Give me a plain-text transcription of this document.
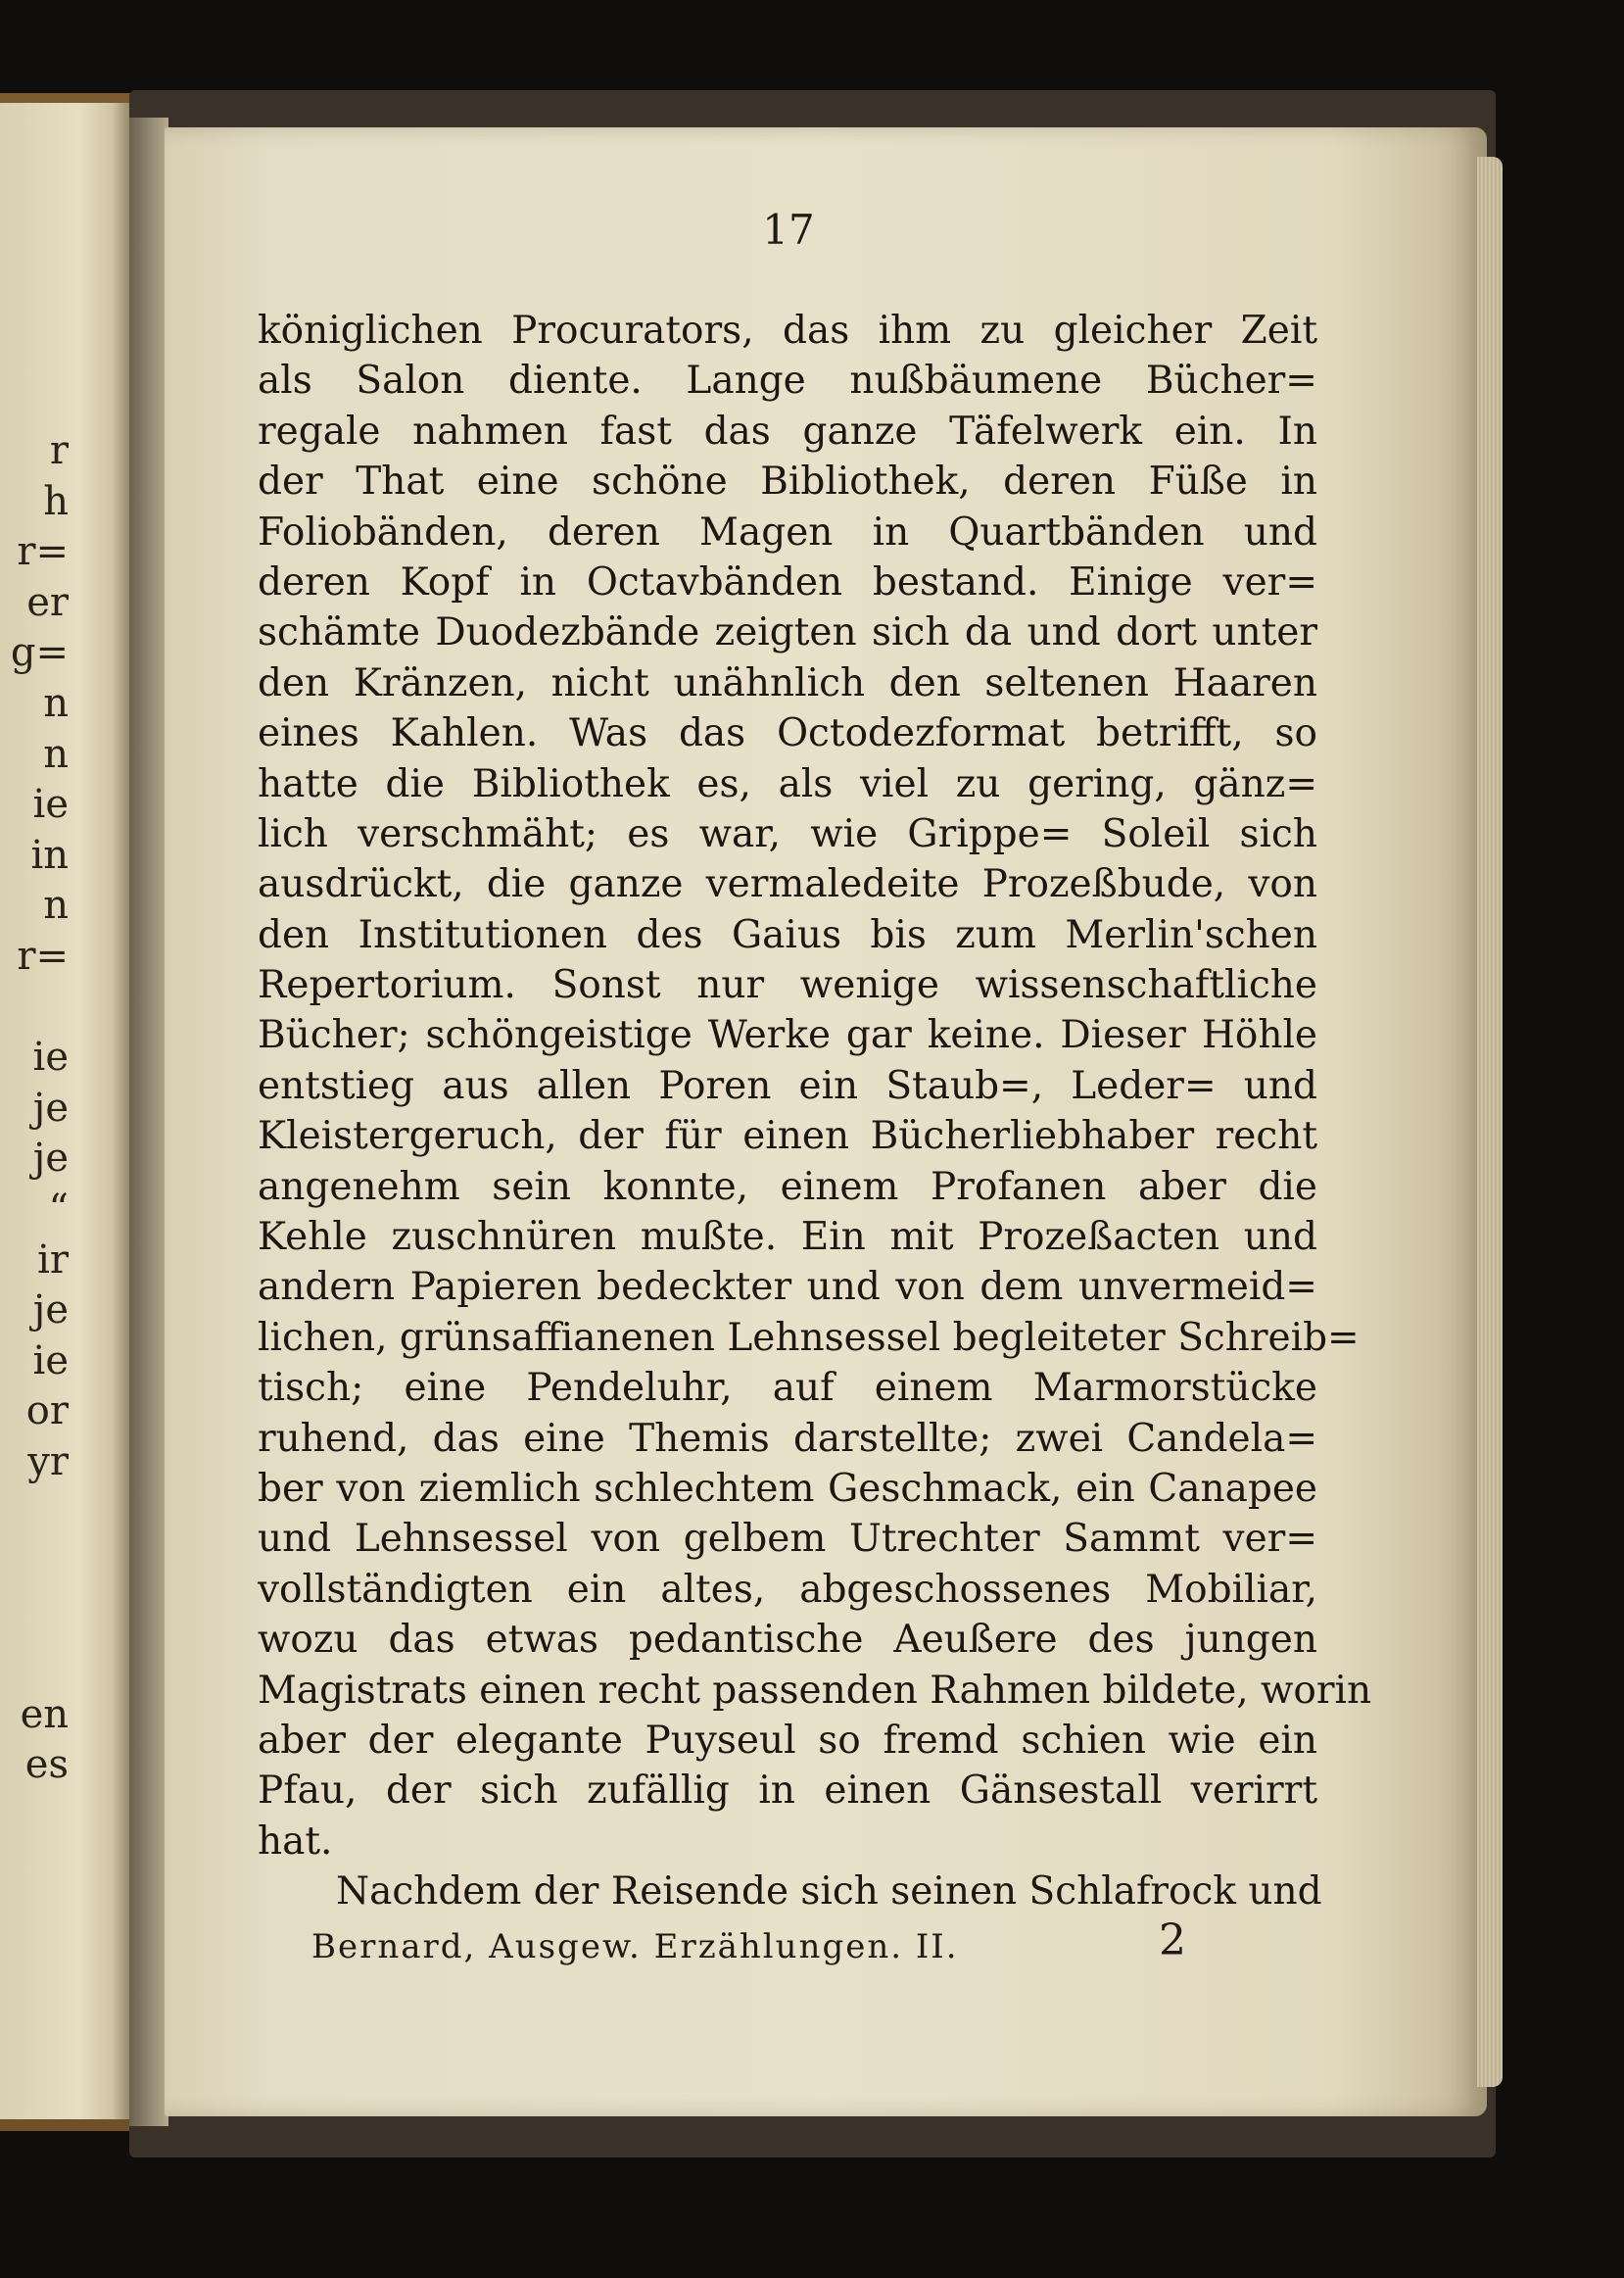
r
h
r=
er
g=
n
n
ie
in
n
r=
ie
je
je
“
ir
je
ie
or
yr
en
es
17
königlichen Procurators, das ihm zu gleicher Zeit
als Salon diente. Lange nußbäumene Bücher=
regale nahmen fast das ganze Täfelwerk ein. In
der That eine schöne Bibliothek, deren Füße in
Foliobänden, deren Magen in Quartbänden und
deren Kopf in Octavbänden bestand. Einige ver=
schämte Duodezbände zeigten sich da und dort unter
den Kränzen, nicht unähnlich den seltenen Haaren
eines Kahlen. Was das Octodezformat betrifft, so
hatte die Bibliothek es, als viel zu gering, gänz=
lich verschmäht; es war, wie Grippe= Soleil sich
ausdrückt, die ganze vermaledeite Prozeßbude, von
den Institutionen des Gaius bis zum Merlin'schen
Repertorium. Sonst nur wenige wissenschaftliche
Bücher; schöngeistige Werke gar keine. Dieser Höhle
entstieg aus allen Poren ein Staub=, Leder= und
Kleistergeruch, der für einen Bücherliebhaber recht
angenehm sein konnte, einem Profanen aber die
Kehle zuschnüren mußte. Ein mit Prozeßacten und
andern Papieren bedeckter und von dem unvermeid=
lichen, grünsaffianenen Lehnsessel begleiteter Schreib=
tisch; eine Pendeluhr, auf einem Marmorstücke
ruhend, das eine Themis darstellte; zwei Candela=
ber von ziemlich schlechtem Geschmack, ein Canapee
und Lehnsessel von gelbem Utrechter Sammt ver=
vollständigten ein altes, abgeschossenes Mobiliar,
wozu das etwas pedantische Aeußere des jungen
Magistrats einen recht passenden Rahmen bildete, worin
aber der elegante Puyseul so fremd schien wie ein
Pfau, der sich zufällig in einen Gänsestall verirrt
hat.
Nachdem der Reisende sich seinen Schlafrock und
Bernard, Ausgew. Erzählungen. II.	2
